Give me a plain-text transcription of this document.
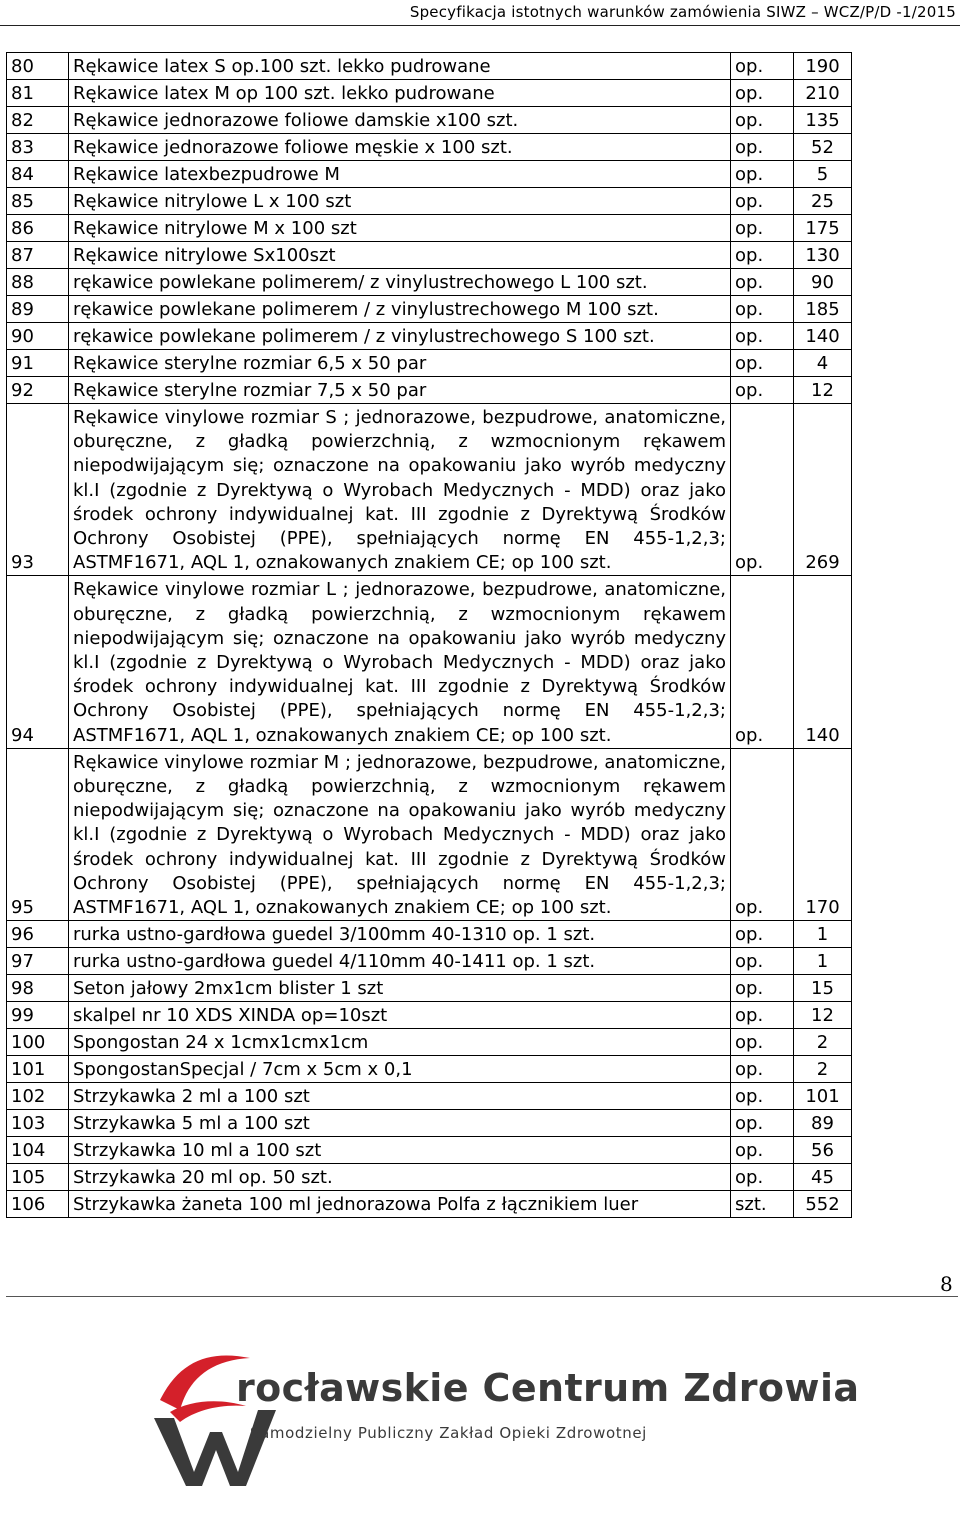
Specyfikacja istotnych warunków zamówienia SIWZ – WCZ/P/D -1/2015
80	Rękawice latex S op.100 szt. lekko pudrowane	op.	190
81	Rękawice latex M op 100 szt. lekko pudrowane	op.	210
82	Rękawice jednorazowe foliowe damskie x100 szt.	op.	135
83	Rękawice jednorazowe foliowe męskie x 100 szt.	op.	52
84	Rękawice latexbezpudrowe M	op.	5
85	Rękawice nitrylowe L x 100 szt	op.	25
86	Rękawice nitrylowe M x 100 szt	op.	175
87	Rękawice nitrylowe Sx100szt	op.	130
88	rękawice powlekane polimerem/ z vinylustrechowego L 100 szt.	op.	90
89	rękawice powlekane polimerem / z vinylustrechowego M 100 szt.	op.	185
90	rękawice powlekane polimerem / z vinylustrechowego S 100 szt.	op.	140
91	Rękawice sterylne rozmiar 6,5 x 50 par	op.	4
92	Rękawice sterylne rozmiar 7,5 x 50 par	op.	12
93	Rękawice vinylowe rozmiar S ; jednorazowe, bezpudrowe, anatomiczne, oburęczne, z gładką powierzchnią, z wzmocnionym rękawem niepodwijającym się; oznaczone na opakowaniu jako wyrób medyczny kl.I (zgodnie z Dyrektywą o Wyrobach Medycznych - MDD) oraz jako środek ochrony indywidualnej kat. III zgodnie z Dyrektywą Środków Ochrony Osobistej (PPE), spełniających normę EN 455-1,2,3; ASTMF1671, AQL 1, oznakowanych znakiem CE; op 100 szt.	op.	269
94	Rękawice vinylowe rozmiar L ; jednorazowe, bezpudrowe, anatomiczne, oburęczne, z gładką powierzchnią, z wzmocnionym rękawem niepodwijającym się; oznaczone na opakowaniu jako wyrób medyczny kl.I (zgodnie z Dyrektywą o Wyrobach Medycznych - MDD) oraz jako środek ochrony indywidualnej kat. III zgodnie z Dyrektywą Środków Ochrony Osobistej (PPE), spełniających normę EN 455-1,2,3; ASTMF1671, AQL 1, oznakowanych znakiem CE; op 100 szt.	op.	140
95	Rękawice vinylowe rozmiar M ; jednorazowe, bezpudrowe, anatomiczne, oburęczne, z gładką powierzchnią, z wzmocnionym rękawem niepodwijającym się; oznaczone na opakowaniu jako wyrób medyczny kl.I (zgodnie z Dyrektywą o Wyrobach Medycznych - MDD) oraz jako środek ochrony indywidualnej kat. III zgodnie z Dyrektywą Środków Ochrony Osobistej (PPE), spełniających normę EN 455-1,2,3; ASTMF1671, AQL 1, oznakowanych znakiem CE; op 100 szt.	op.	170
96	rurka ustno-gardłowa guedel 3/100mm 40-1310 op. 1 szt.	op.	1
97	rurka ustno-gardłowa guedel 4/110mm 40-1411 op. 1 szt.	op.	1
98	Seton jałowy 2mx1cm blister 1 szt	op.	15
99	skalpel nr 10 XDS XINDA op=10szt	op.	12
100	Spongostan 24 x 1cmx1cmx1cm	op.	2
101	SpongostanSpecjal / 7cm x 5cm x 0,1	op.	2
102	Strzykawka 2 ml a 100 szt	op.	101
103	Strzykawka 5 ml a 100 szt	op.	89
104	Strzykawka 10 ml a 100 szt	op.	56
105	Strzykawka 20 ml op. 50 szt.	op.	45
106	Strzykawka żaneta 100 ml jednorazowa Polfa z łącznikiem luer	szt.	552
8
rocławskie Centrum Zdrowia
Samodzielny Publiczny Zakład Opieki Zdrowotnej
